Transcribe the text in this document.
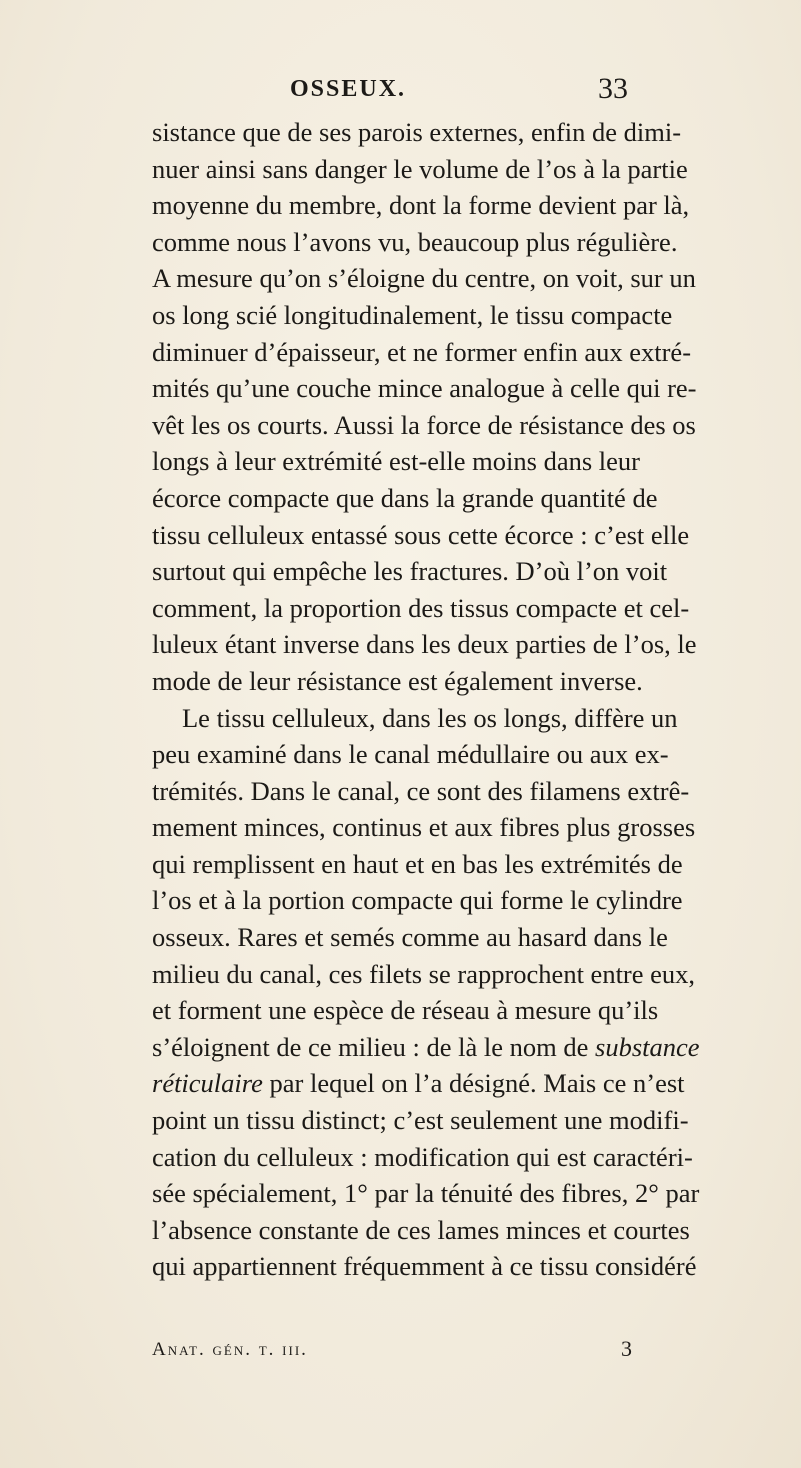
OSSEUX.	33
sistance que de ses parois externes, enfin de dimi-
nuer ainsi sans danger le volume de l’os à la partie
moyenne du membre, dont la forme devient par là,
comme nous l’avons vu, beaucoup plus régulière.
A mesure qu’on s’éloigne du centre, on voit, sur un
os long scié longitudinalement, le tissu compacte
diminuer d’épaisseur, et ne former enfin aux extré-
mités qu’une couche mince analogue à celle qui re-
vêt les os courts. Aussi la force de résistance des os
longs à leur extrémité est-elle moins dans leur
écorce compacte que dans la grande quantité de
tissu celluleux entassé sous cette écorce : c’est elle
surtout qui empêche les fractures. D’où l’on voit
comment, la proportion des tissus compacte et cel-
luleux étant inverse dans les deux parties de l’os, le
mode de leur résistance est également inverse.
Le tissu celluleux, dans les os longs, diffère un
peu examiné dans le canal médullaire ou aux ex-
trémités. Dans le canal, ce sont des filamens extrê-
mement minces, continus et aux fibres plus grosses
qui remplissent en haut et en bas les extrémités de
l’os et à la portion compacte qui forme le cylindre
osseux. Rares et semés comme au hasard dans le
milieu du canal, ces filets se rapprochent entre eux,
et forment une espèce de réseau à mesure qu’ils
s’éloignent de ce milieu : de là le nom de substance
réticulaire par lequel on l’a désigné. Mais ce n’est
point un tissu distinct; c’est seulement une modifi-
cation du celluleux : modification qui est caractéri-
sée spécialement, 1° par la ténuité des fibres, 2° par
l’absence constante de ces lames minces et courtes
qui appartiennent fréquemment à ce tissu considéré
Anat. gén. t. iii.	3
